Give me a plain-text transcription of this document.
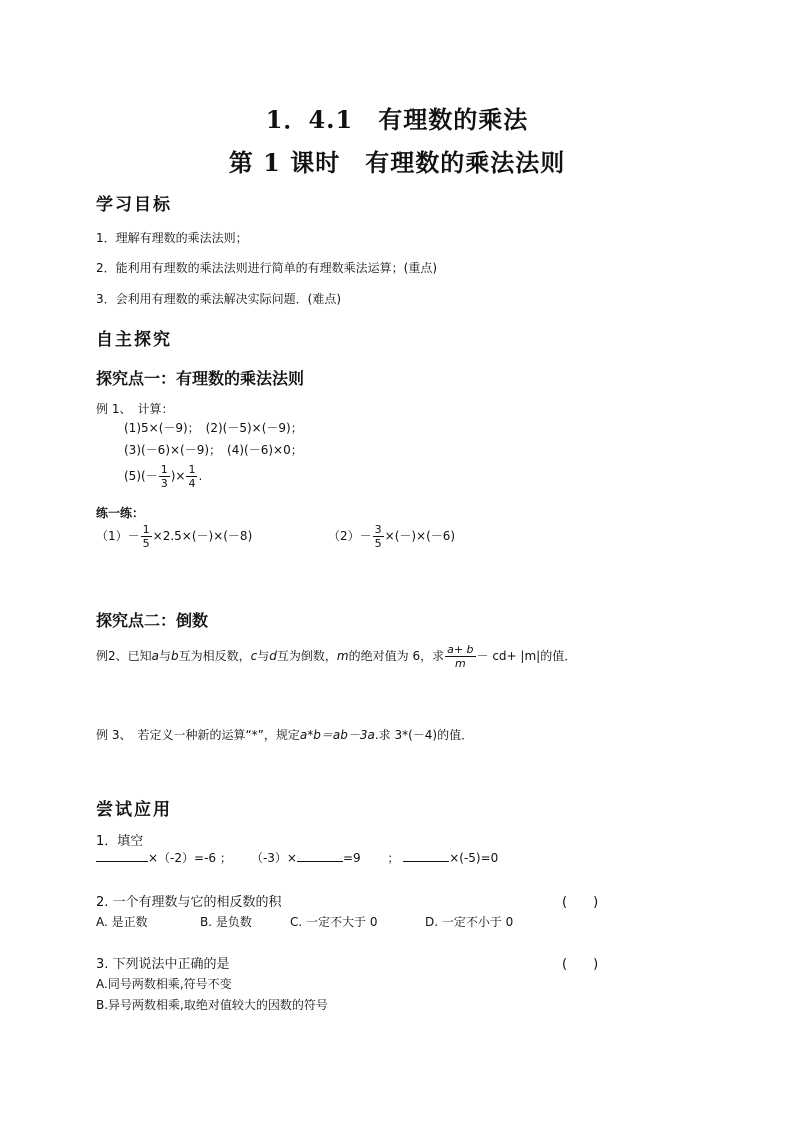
1．4.1　有理数的乘法
第 1 课时　有理数的乘法法则
学习目标
1．理解有理数的乘法法则；
2．能利用有理数的乘法法则进行简单的有理数乘法运算；(重点)
3．会利用有理数的乘法解决实际问题．(难点)
自主探究
探究点一：有理数的乘法法则
例 1、　计算：
(1)5×(－9)；　(2)(－5)×(－9)；
(3)(－6)×(－9)；　(4)(－6)×0；
$(5)(- \frac{1}{3}$ )× $\frac{1}{4}$ .
练一练：
$(1)- \frac{1}{5} \times 2.5\times(-)\times(-8)$	$(2)- \frac{3}{5} \times(-)\times(-6)$
探究点二：倒数
例2、已知a与b互为相反数，c与d互为倒数，m的绝对值为 6，求 $\frac{a+ b}{m} - cd+ |m|$的值．
例 3、　若定义一种新的运算“*”，规定a*b＝ab－3a.求 3*(－4)的值．
尝试应用
1．填空
×（-2）=-6 ； （-3）×	=9 ；	×(-5)=0
2. 一个有理数与它的相反数的积	(　　)
A. 是正数	B. 是负数	C. 一定不大于 0	D. 一定不小于 0
3. 下列说法中正确的是	(　　)
A.同号两数相乘,符号不变
B.异号两数相乘,取绝对值较大的因数的符号
